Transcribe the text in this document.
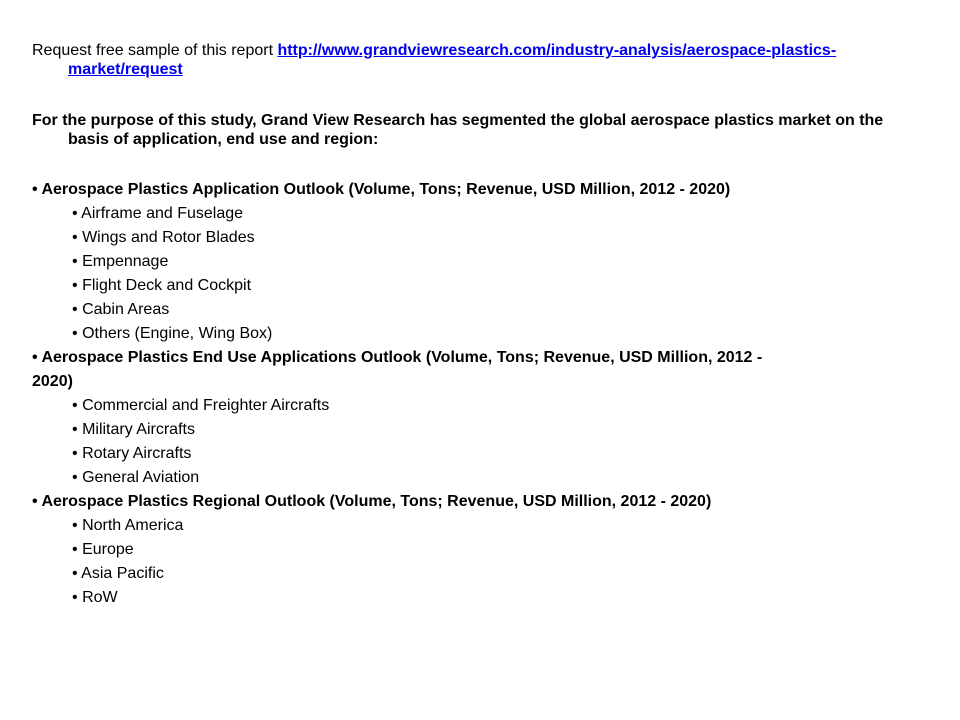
Request free sample of this report http://www.grandviewresearch.com/industry-analysis/aerospace-plastics-market/request
For the purpose of this study, Grand View Research has segmented the global aerospace plastics market on the basis of application, end use and region:
• Aerospace Plastics Application Outlook (Volume, Tons; Revenue, USD Million, 2012 - 2020)
• Airframe and Fuselage
• Wings and Rotor Blades
• Empennage
• Flight Deck and Cockpit
• Cabin Areas
• Others (Engine, Wing Box)
• Aerospace Plastics End Use Applications Outlook (Volume, Tons; Revenue, USD Million, 2012 - 2020)
• Commercial and Freighter Aircrafts
• Military Aircrafts
• Rotary Aircrafts
• General Aviation
• Aerospace Plastics Regional Outlook (Volume, Tons; Revenue, USD Million, 2012 - 2020)
• North America
• Europe
• Asia Pacific
• RoW
